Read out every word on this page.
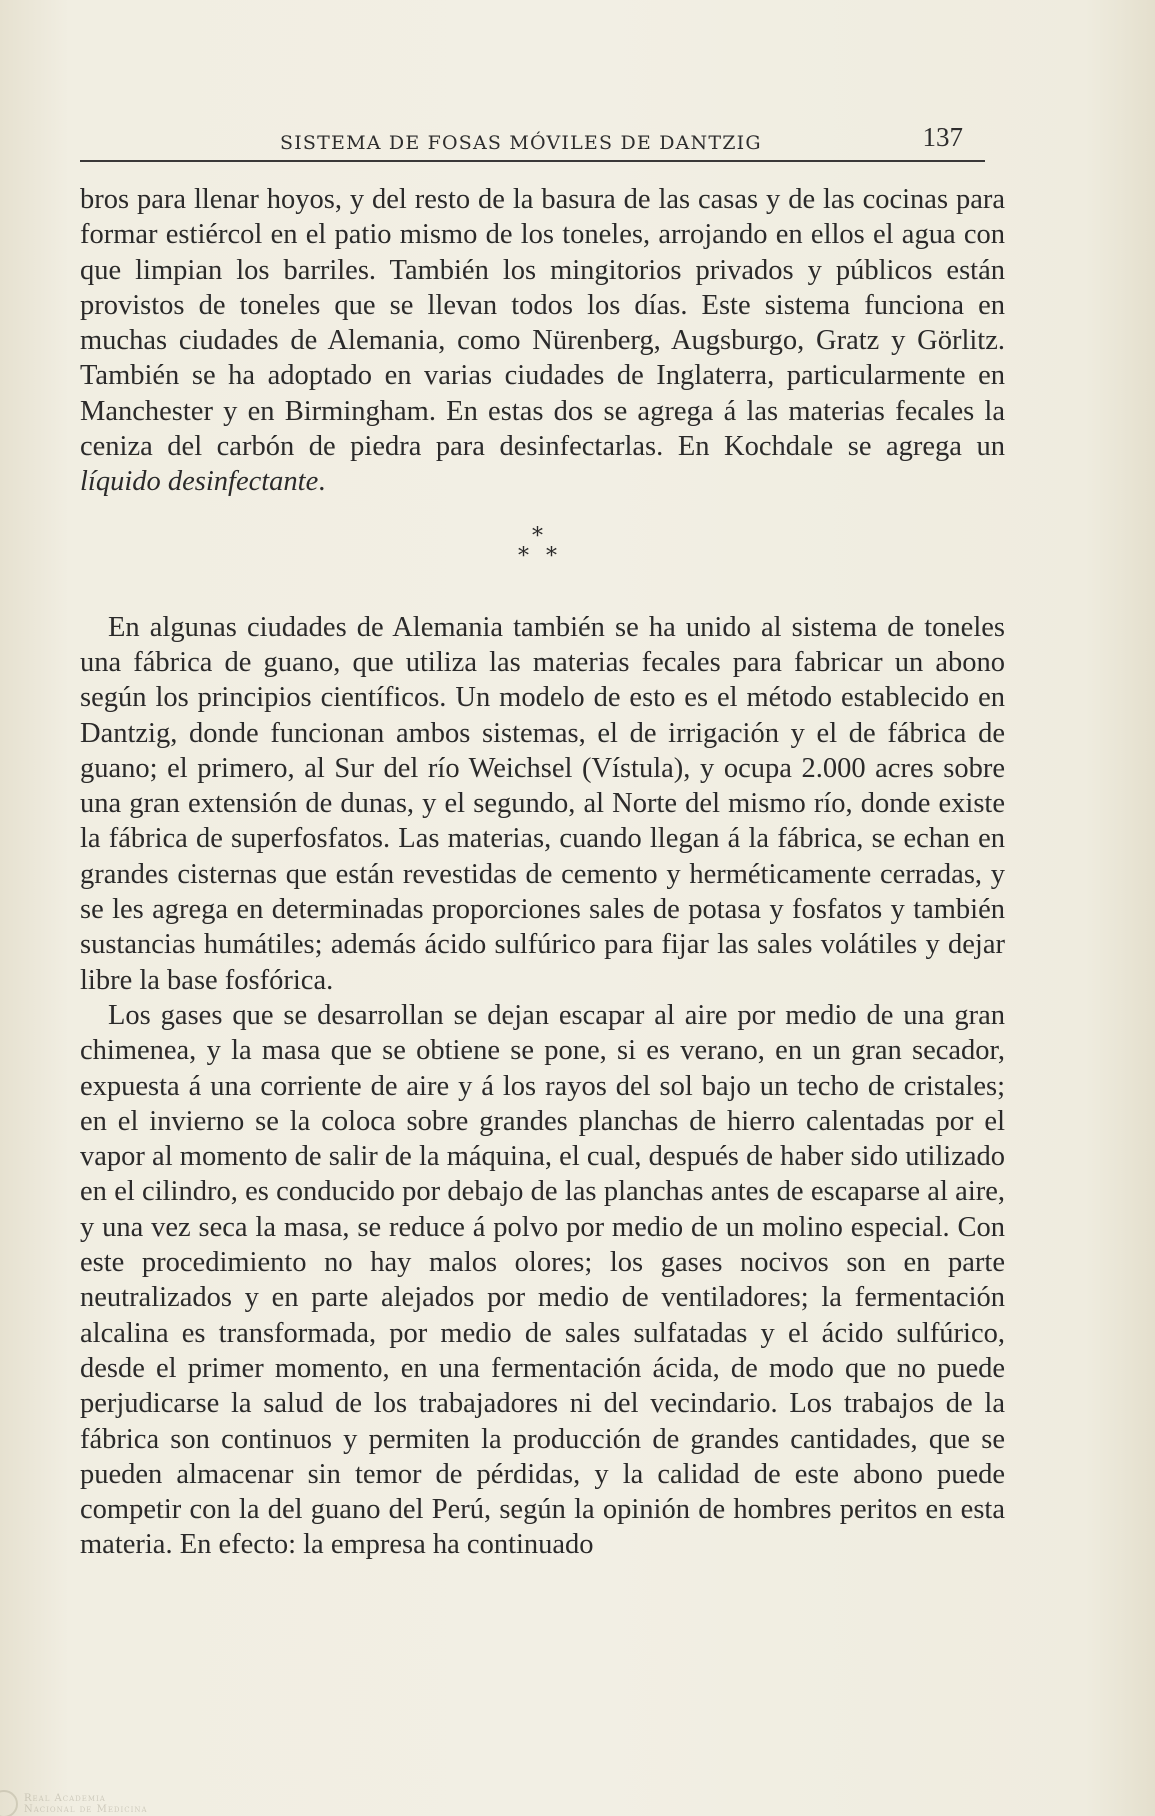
SISTEMA DE FOSAS MÓVILES DE DANTZIG	137

bros para llenar hoyos, y del resto de la basura de las casas y de las cocinas para formar estiércol en el patio mismo de los toneles, arrojando en ellos el agua con que limpian los barriles. También los mingitorios privados y públicos están provistos de toneles que se llevan todos los días. Este sistema funciona en muchas ciudades de Alemania, como Nürenberg, Augsburgo, Gratz y Görlitz. También se ha adoptado en varias ciudades de Inglaterra, particularmente en Manchester y en Birmingham. En estas dos se agrega á las materias fecales la ceniza del carbón de piedra para desinfectarlas. En Kochdale se agrega un líquido desinfectante.

*
* *

En algunas ciudades de Alemania también se ha unido al sistema de toneles una fábrica de guano, que utiliza las materias fecales para fabricar un abono según los principios científicos. Un modelo de esto es el método establecido en Dantzig, donde funcionan ambos sistemas, el de irrigación y el de fábrica de guano; el primero, al Sur del río Weichsel (Vístula), y ocupa 2.000 acres sobre una gran extensión de dunas, y el segundo, al Norte del mismo río, donde existe la fábrica de superfosfatos. Las materias, cuando llegan á la fábrica, se echan en grandes cisternas que están revestidas de cemento y herméticamente cerradas, y se les agrega en determinadas proporciones sales de potasa y fosfatos y también sustancias humátiles; además ácido sulfúrico para fijar las sales volátiles y dejar libre la base fosfórica.

Los gases que se desarrollan se dejan escapar al aire por medio de una gran chimenea, y la masa que se obtiene se pone, si es verano, en un gran secador, expuesta á una corriente de aire y á los rayos del sol bajo un techo de cristales; en el invierno se la coloca sobre grandes planchas de hierro calentadas por el vapor al momento de salir de la máquina, el cual, después de haber sido utilizado en el cilindro, es conducido por debajo de las planchas antes de escaparse al aire, y una vez seca la masa, se reduce á polvo por medio de un molino especial. Con este procedimiento no hay malos olores; los gases nocivos son en parte neutralizados y en parte alejados por medio de ventiladores; la fermentación alcalina es transformada, por medio de sales sulfatadas y el ácido sulfúrico, desde el primer momento, en una fermentación ácida, de modo que no puede perjudicarse la salud de los trabajadores ni del vecindario. Los trabajos de la fábrica son continuos y permiten la producción de grandes cantidades, que se pueden almacenar sin temor de pérdidas, y la calidad de este abono puede competir con la del guano del Perú, según la opinión de hombres peritos en esta materia. En efecto: la empresa ha continuado

Real Academia
Nacional de Medicina
